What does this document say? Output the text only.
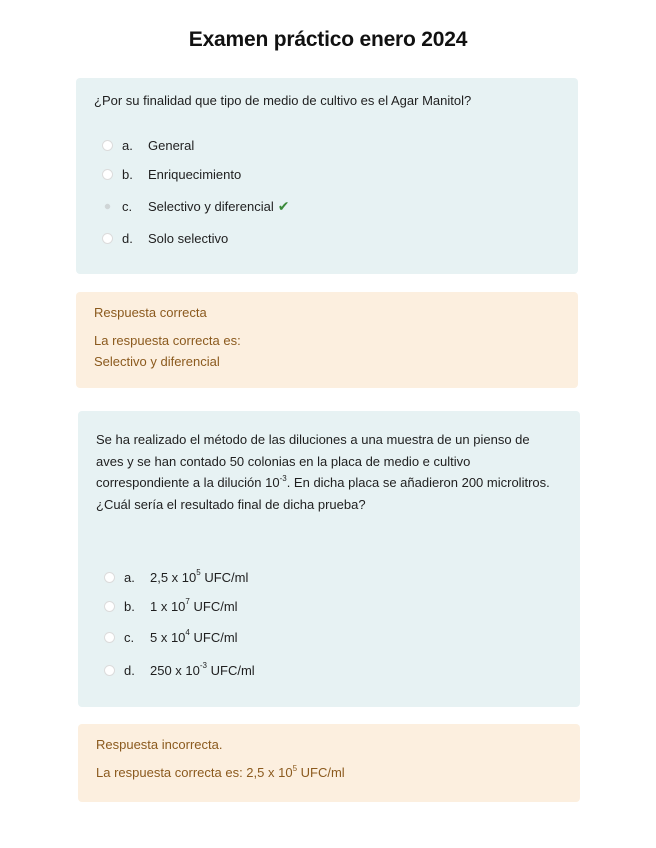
Examen práctico enero 2024
¿Por su finalidad que tipo de medio de cultivo es el Agar Manitol?
a.	General
b.	Enriquecimiento
c.	Selectivo y diferencial ✔
d.	Solo selectivo
Respuesta correcta
La respuesta correcta es:
Selectivo y diferencial
Se ha realizado el método de las diluciones a una muestra de un pienso de aves y se han contado 50 colonias en la placa de medio e cultivo correspondiente a la dilución $10^{-3}$. En dicha placa se añadieron 200 microlitros. ¿Cuál sería el resultado final de dicha prueba?
a.	2,5 x $10^5$ UFC/ml
b.	1 x $10^7$ UFC/ml
c.	5 x $10^4$ UFC/ml
d.	250 x $10^{-3}$ UFC/ml
Respuesta incorrecta.
La respuesta correcta es: 2,5 x $10^5$ UFC/ml
